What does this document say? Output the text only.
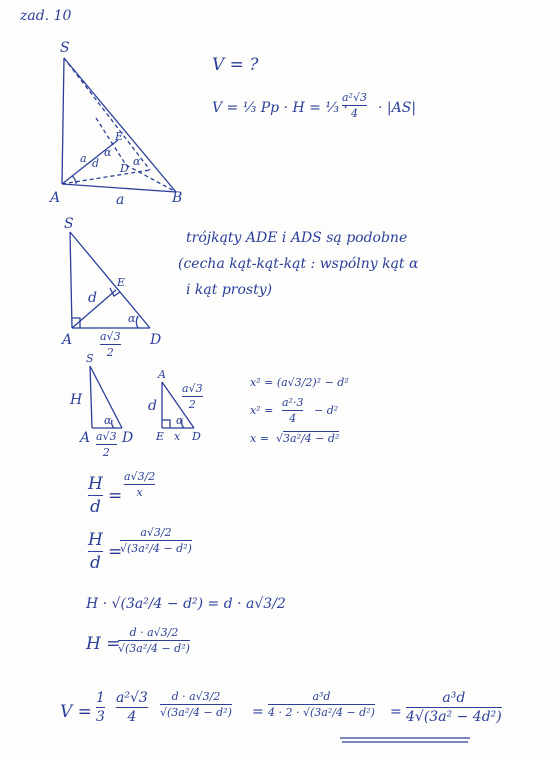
zad. 10
S
A	B
D
E
a
a d	α
α
V = ?
V = ⅓ Pp · H = ⅓ ·
a²√3
4 · |AS|
S
A	D
E
d
α
a√3
2
trójkąty ADE i ADS są podobne
(cecha kąt-kąt-kąt : wspólny kąt α
i kąt prosty)
S
H
A D
α
a√3
2
A
d
E x D
α
a√3
2
x² = (a√3/2)² − d²
x² =
a²·3
4
− d²
x = √3a²/4 − d²
H
d
=
a√3/2
x
H
d
=
a√3/2
√(3a²/4 − d²)
H · √(3a²/4 − d²) = d · a√3/2
H =
d · a√3/2
√(3a²/4 − d²)
V =
1
3
a²√3
4
d · a√3/2
√(3a²/4 − d²) =
a³d
4 · 2 · √(3a²/4 − d²) =
a³d
4√(3a² − 4d²)
